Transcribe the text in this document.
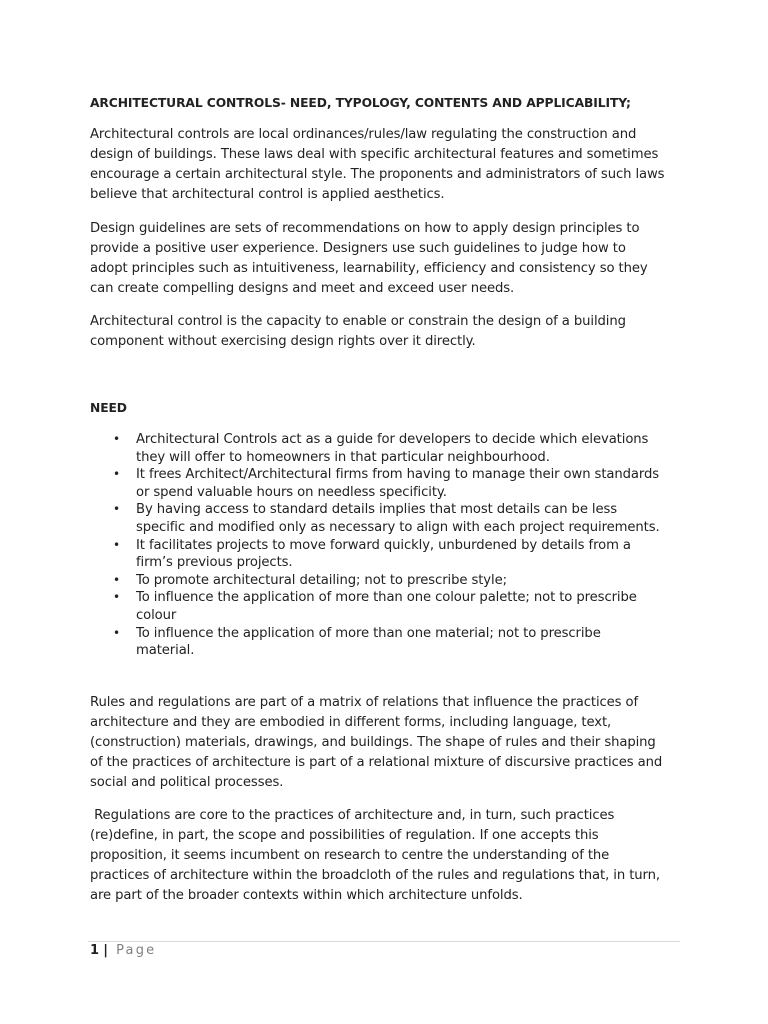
ARCHITECTURAL CONTROLS- NEED, TYPOLOGY, CONTENTS AND APPLICABILITY;

Architectural controls are local ordinances/rules/law regulating the construction and
design of buildings. These laws deal with specific architectural features and sometimes
encourage a certain architectural style. The proponents and administrators of such laws
believe that architectural control is applied aesthetics.

Design guidelines are sets of recommendations on how to apply design principles to
provide a positive user experience. Designers use such guidelines to judge how to
adopt principles such as intuitiveness, learnability, efficiency and consistency so they
can create compelling designs and meet and exceed user needs.

Architectural control is the capacity to enable or constrain the design of a building
component without exercising design rights over it directly.

NEED
• Architectural Controls act as a guide for developers to decide which elevations
they will offer to homeowners in that particular neighbourhood.
• It frees Architect/Architectural firms from having to manage their own standards
or spend valuable hours on needless specificity.
• By having access to standard details implies that most details can be less
specific and modified only as necessary to align with each project requirements.
• It facilitates projects to move forward quickly, unburdened by details from a
firm’s previous projects.
• To promote architectural detailing; not to prescribe style;
• To influence the application of more than one colour palette; not to prescribe
colour
• To influence the application of more than one material; not to prescribe
material.

Rules and regulations are part of a matrix of relations that influence the practices of
architecture and they are embodied in different forms, including language, text,
(construction) materials, drawings, and buildings. The shape of rules and their shaping
of the practices of architecture is part of a relational mixture of discursive practices and
social and political processes.

Regulations are core to the practices of architecture and, in turn, such practices
(re)define, in part, the scope and possibilities of regulation. If one accepts this
proposition, it seems incumbent on research to centre the understanding of the
practices of architecture within the broadcloth of the rules and regulations that, in turn,
are part of the broader contexts within which architecture unfolds.

1 | Page
